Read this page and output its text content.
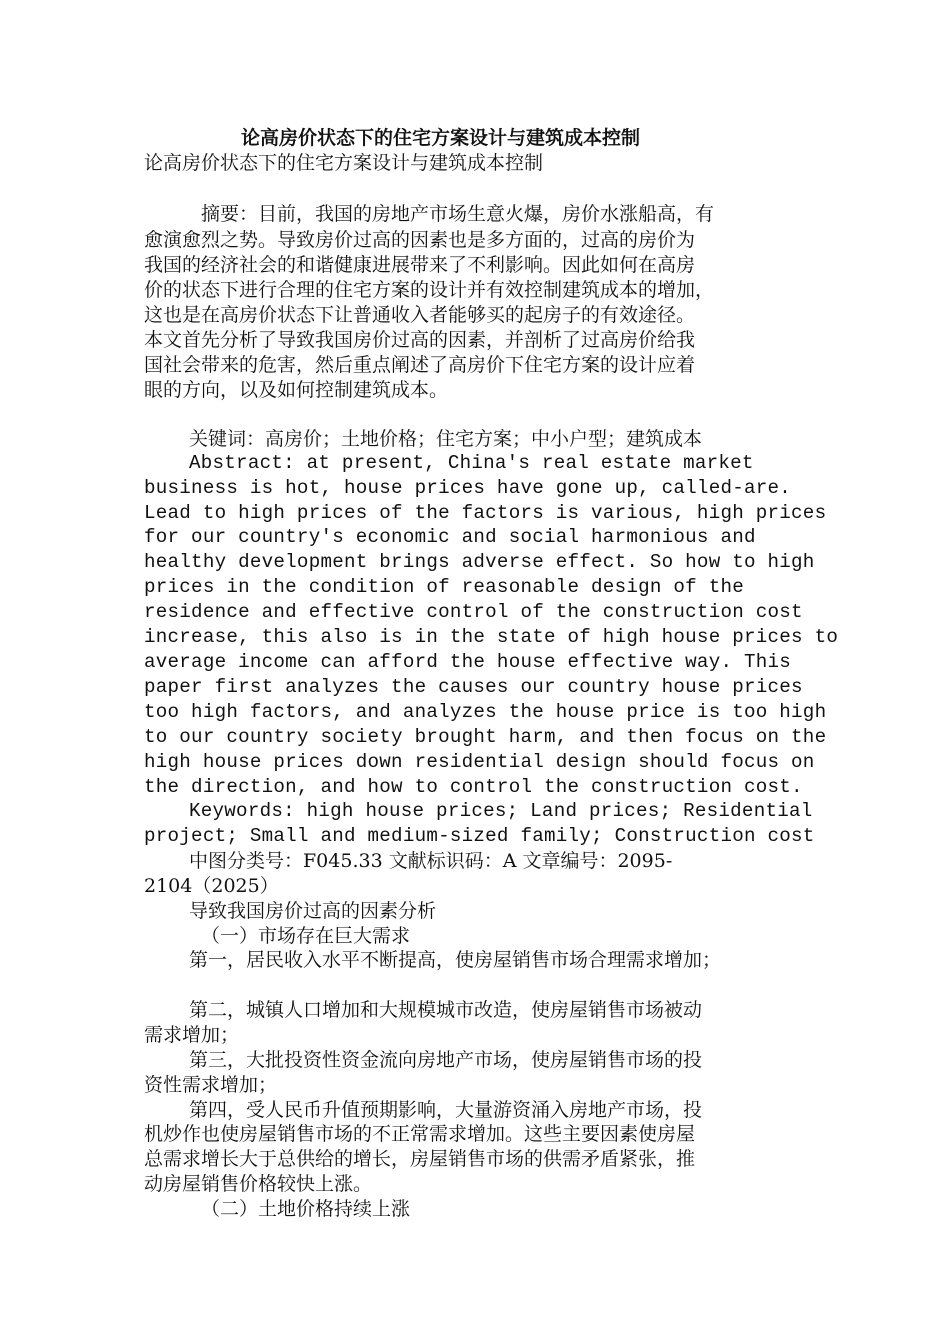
论高房价状态下的住宅方案设计与建筑成本控制
论高房价状态下的住宅方案设计与建筑成本控制
摘要：目前，我国的房地产市场生意火爆，房价水涨船高，有
愈演愈烈之势。导致房价过高的因素也是多方面的，过高的房价为
我国的经济社会的和谐健康进展带来了不利影响。因此如何在高房
价的状态下进行合理的住宅方案的设计并有效控制建筑成本的增加，
这也是在高房价状态下让普通收入者能够买的起房子的有效途径。
本文首先分析了导致我国房价过高的因素，并剖析了过高房价给我
国社会带来的危害，然后重点阐述了高房价下住宅方案的设计应着
眼的方向，以及如何控制建筑成本。
关键词：高房价；土地价格；住宅方案；中小户型；建筑成本
Abstract: at present, China's real estate market
business is hot, house prices have gone up, called-are.
Lead to high prices of the factors is various, high prices
for our country's economic and social harmonious and
healthy development brings adverse effect. So how to high
prices in the condition of reasonable design of the
residence and effective control of the construction cost
increase, this also is in the state of high house prices to
average income can afford the house effective way. This
paper first analyzes the causes our country house prices
too high factors, and analyzes the house price is too high
to our country society brought harm, and then focus on the
high house prices down residential design should focus on
the direction, and how to control the construction cost.
Keywords: high house prices; Land prices; Residential
project; Small and medium-sized family; Construction cost
中图分类号：F045.33 文献标识码：A 文章编号：2095-
2104（2025）
导致我国房价过高的因素分析
（一）市场存在巨大需求
第一，居民收入水平不断提高，使房屋销售市场合理需求增加；
第二，城镇人口增加和大规模城市改造，使房屋销售市场被动
需求增加；
第三，大批投资性资金流向房地产市场，使房屋销售市场的投
资性需求增加；
第四，受人民币升值预期影响，大量游资涌入房地产市场，投
机炒作也使房屋销售市场的不正常需求增加。这些主要因素使房屋
总需求增长大于总供给的增长，房屋销售市场的供需矛盾紧张，推
动房屋销售价格较快上涨。
（二）土地价格持续上涨
